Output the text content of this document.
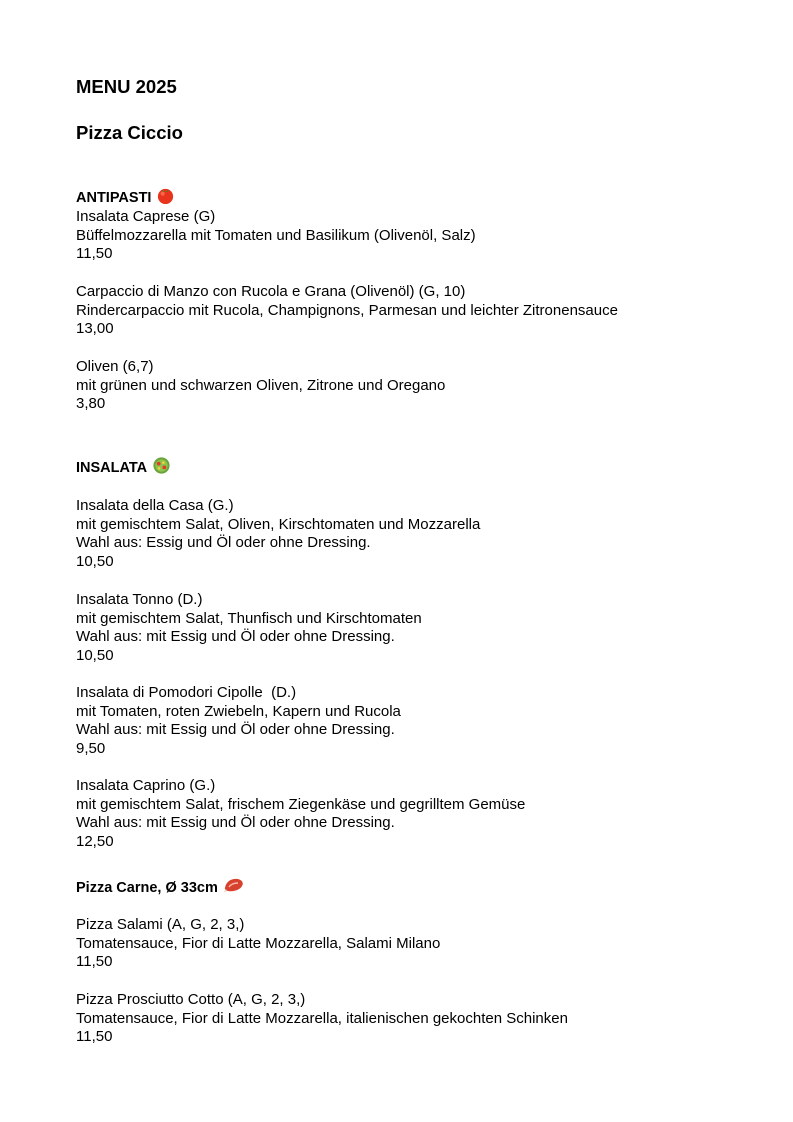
MENU 2025
Pizza Ciccio
ANTIPASTI
Insalata Caprese (G)
Büffelmozzarella mit Tomaten und Basilikum (Olivenöl, Salz)
11,50
Carpaccio di Manzo con Rucola e Grana (Olivenöl) (G, 10)
Rindercarpaccio mit Rucola, Champignons, Parmesan und leichter Zitronensauce
13,00
Oliven (6,7)
mit grünen und schwarzen Oliven, Zitrone und Oregano
3,80
INSALATA
Insalata della Casa (G.)
mit gemischtem Salat, Oliven, Kirschtomaten und Mozzarella
Wahl aus: Essig und Öl oder ohne Dressing.
10,50
Insalata Tonno (D.)
mit gemischtem Salat, Thunfisch und Kirschtomaten
Wahl aus: mit Essig und Öl oder ohne Dressing.
10,50
Insalata di Pomodori Cipolle  (D.)
mit Tomaten, roten Zwiebeln, Kapern und Rucola
Wahl aus: mit Essig und Öl oder ohne Dressing.
9,50
Insalata Caprino (G.)
mit gemischtem Salat, frischem Ziegenkäse und gegrilltem Gemüse
Wahl aus: mit Essig und Öl oder ohne Dressing.
12,50
Pizza Carne, Ø 33cm
Pizza Salami (A, G, 2, 3,)
Tomatensauce, Fior di Latte Mozzarella, Salami Milano
11,50
Pizza Prosciutto Cotto (A, G, 2, 3,)
Tomatensauce, Fior di Latte Mozzarella, italienischen gekochten Schinken
11,50
